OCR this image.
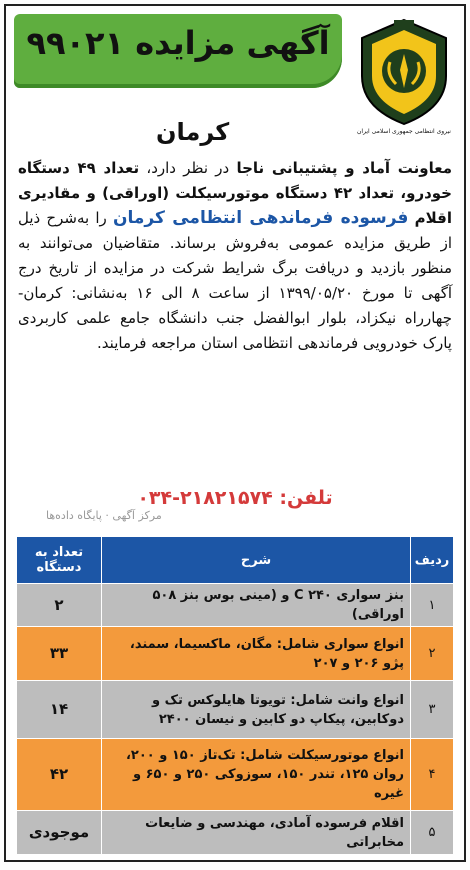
آگهی مزایده ۹۹۰۲۱
نیروی انتظامی جمهوری اسلامی ایران
کرمان
معاونت آماد و پشتیبانی ناجا در نظر دارد، تعداد ۴۹ دستگاه خودرو، تعداد ۴۲ دستگاه موتورسیکلت (اوراقی) و مقادیری اقلام فرسوده فرماندهی انتظامی کرمان را به‌شرح ذیل از طریق مزایده عمومی به‌فروش برساند. متقاضیان می‌توانند به منظور بازدید و دریافت برگ شرایط شرکت در مزایده از تاریخ درج آگهی تا مورخ ۱۳۹۹/۰۵/۲۰ از ساعت ۸ الی ۱۶ به‌نشانی: کرمان- چهارراه نیکزاد، بلوار ابوالفضل جنب دانشگاه جامع علمی کاربردی پارک خودرویی فرماندهی انتظامی استان مراجعه فرمایند.
تلفن: ۲۱۸۲۱۵۷۴-۰۳۴
مرکز آگهی · پایگاه داده‌ها
ردیف	شرح	تعداد به دستگاه
۱	بنز سواری ۲۴۰ C و (مینی بوس بنز ۵۰۸ اوراقی)	۲
۲	انواع سواری شامل: مگان، ماکسیما، سمند، پژو ۲۰۶ و ۲۰۷	۳۳
۳	انواع وانت شامل: تویوتا هایلوکس تک و دوکابین، پیکاپ دو کابین و نیسان ۲۴۰۰	۱۴
۴	انواع موتورسیکلت شامل: تک‌تاز ۱۵۰ و ۲۰۰، روان ۱۲۵، تندر ۱۵۰، سوزوکی ۲۵۰ و ۶۵۰ و غیره	۴۲
۵	اقلام فرسوده آمادی، مهندسی و ضایعات مخابراتی	موجودی
